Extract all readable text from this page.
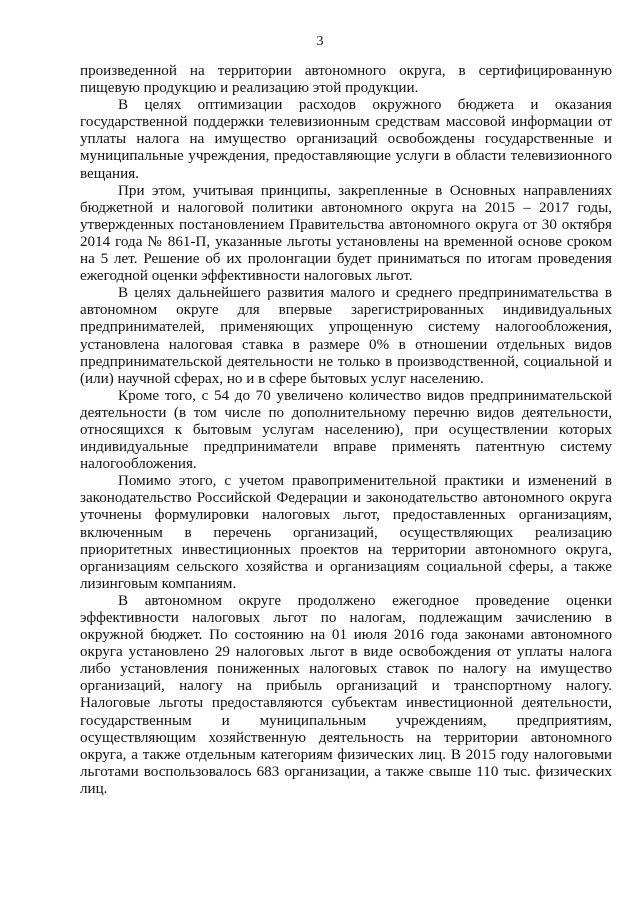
3

произведенной на территории автономного округа, в сертифицированную пищевую продукцию и реализацию этой продукции.

В целях оптимизации расходов окружного бюджета и оказания государственной поддержки телевизионным средствам массовой информации от уплаты налога на имущество организаций освобождены государственные и муниципальные учреждения, предоставляющие услуги в области телевизионного вещания.

При этом, учитывая принципы, закрепленные в Основных направлениях бюджетной и налоговой политики автономного округа на 2015 – 2017 годы, утвержденных постановлением Правительства автономного округа от 30 октября 2014 года № 861-П, указанные льготы установлены на временной основе сроком на 5 лет. Решение об их пролонгации будет приниматься по итогам проведения ежегодной оценки эффективности налоговых льгот.

В целях дальнейшего развития малого и среднего предпринимательства в автономном округе для впервые зарегистрированных индивидуальных предпринимателей, применяющих упрощенную систему налогообложения, установлена налоговая ставка в размере 0% в отношении отдельных видов предпринимательской деятельности не только в производственной, социальной и (или) научной сферах, но и в сфере бытовых услуг населению.

Кроме того, с 54 до 70 увеличено количество видов предпринимательской деятельности (в том числе по дополнительному перечню видов деятельности, относящихся к бытовым услугам населению), при осуществлении которых индивидуальные предприниматели вправе применять патентную систему налогообложения.

Помимо этого, с учетом правоприменительной практики и изменений в законодательство Российской Федерации и законодательство автономного округа уточнены формулировки налоговых льгот, предоставленных организациям, включенным в перечень организаций, осуществляющих реализацию приоритетных инвестиционных проектов на территории автономного округа, организациям сельского хозяйства и организациям социальной сферы, а также лизинговым компаниям.

В автономном округе продолжено ежегодное проведение оценки эффективности налоговых льгот по налогам, подлежащим зачислению в окружной бюджет. По состоянию на 01 июля 2016 года законами автономного округа установлено 29 налоговых льгот в виде освобождения от уплаты налога либо установления пониженных налоговых ставок по налогу на имущество организаций, налогу на прибыль организаций и транспортному налогу. Налоговые льготы предоставляются субъектам инвестиционной деятельности, государственным и муниципальным учреждениям, предприятиям, осуществляющим хозяйственную деятельность на территории автономного округа, а также отдельным категориям физических лиц. В 2015 году налоговыми льготами воспользовалось 683 организации, а также свыше 110 тыс. физических лиц.
